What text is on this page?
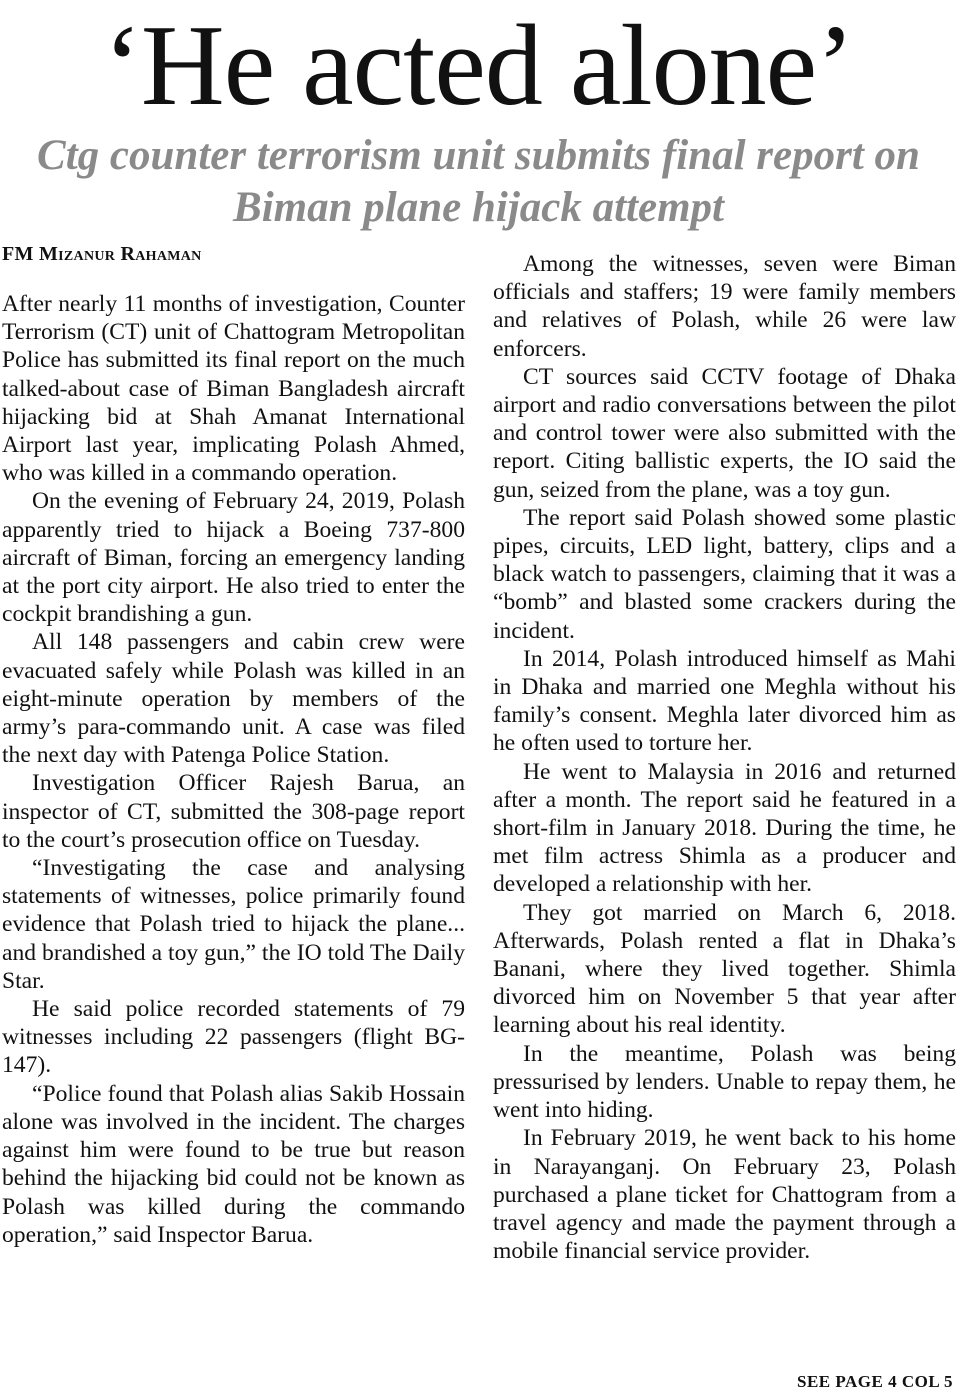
‘He acted alone’
Ctg counter terrorism unit submits final report on Biman plane hijack attempt
FM Mizanur Rahaman

After nearly 11 months of investigation, Counter Terrorism (CT) unit of Chattogram Metropolitan Police has submitted its final report on the much talked-about case of Biman Bangladesh aircraft hijacking bid at Shah Amanat International Airport last year, implicating Polash Ahmed, who was killed in a commando operation.

On the evening of February 24, 2019, Polash apparently tried to hijack a Boeing 737-800 aircraft of Biman, forcing an emergency landing at the port city airport. He also tried to enter the cockpit brandishing a gun.

All 148 passengers and cabin crew were evacuated safely while Polash was killed in an eight-minute operation by members of the army’s para-commando unit. A case was filed the next day with Patenga Police Station.

Investigation Officer Rajesh Barua, an inspector of CT, submitted the 308-page report to the court’s prosecution office on Tuesday.

“Investigating the case and analysing statements of witnesses, police primarily found evidence that Polash tried to hijack the plane... and brandished a toy gun,” the IO told The Daily Star.

He said police recorded statements of 79 witnesses including 22 passengers (flight BG-147).

“Police found that Polash alias Sakib Hossain alone was involved in the incident. The charges against him were found to be true but reason behind the hijacking bid could not be known as Polash was killed during the commando operation,” said Inspector Barua.

Among the witnesses, seven were Biman officials and staffers; 19 were family members and relatives of Polash, while 26 were law enforcers.

CT sources said CCTV footage of Dhaka airport and radio conversations between the pilot and control tower were also submitted with the report. Citing ballistic experts, the IO said the gun, seized from the plane, was a toy gun.

The report said Polash showed some plastic pipes, circuits, LED light, battery, clips and a black watch to passengers, claiming that it was a “bomb” and blasted some crackers during the incident.

In 2014, Polash introduced himself as Mahi in Dhaka and married one Meghla without his family’s consent. Meghla later divorced him as he often used to torture her.

He went to Malaysia in 2016 and returned after a month. The report said he featured in a short-film in January 2018. During the time, he met film actress Shimla as a producer and developed a relationship with her.

They got married on March 6, 2018. Afterwards, Polash rented a flat in Dhaka’s Banani, where they lived together. Shimla divorced him on November 5 that year after learning about his real identity.

In the meantime, Polash was being pressurised by lenders. Unable to repay them, he went into hiding.

In February 2019, he went back to his home in Narayanganj. On February 23, Polash purchased a plane ticket for Chattogram from a travel agency and made the payment through a mobile financial service provider.

SEE PAGE 4 COL 5
